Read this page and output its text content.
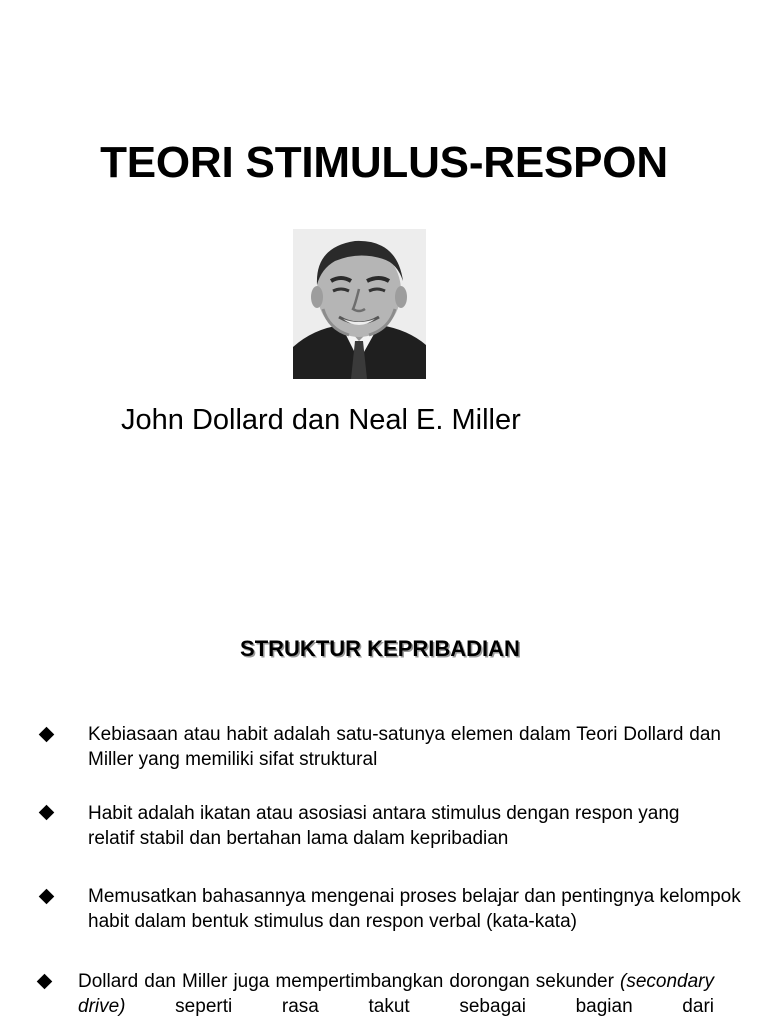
TEORI STIMULUS-RESPON

John Dollard dan Neal E. Miller

STRUKTUR KEPRIBADIAN
Kebiasaan atau habit adalah satu-satunya elemen dalam Teori Dollard dan Miller yang memiliki sifat struktural
Habit adalah ikatan atau asosiasi antara stimulus dengan respon yang relatif stabil dan bertahan lama dalam kepribadian
Memusatkan bahasannya mengenai proses belajar dan pentingnya kelompok habit dalam bentuk stimulus dan respon verbal (kata-kata)
Dollard dan Miller juga mempertimbangkan dorongan sekunder (secondary drive) seperti rasa takut sebagai bagian dari
